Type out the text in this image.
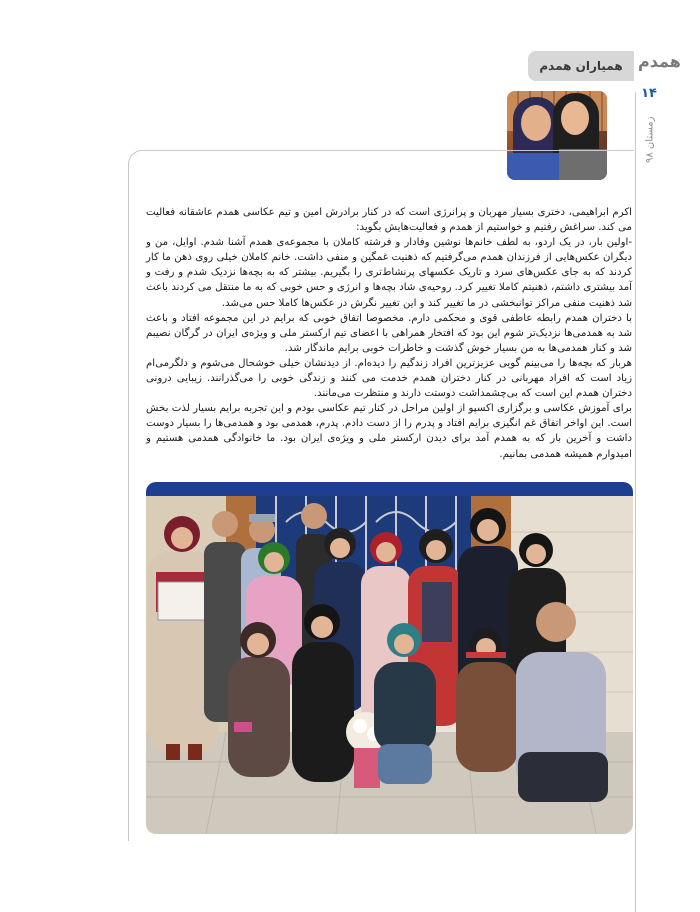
همدم
همیاران همدم
۱۴
زمستان ۹۸

اکرم ابراهیمی، دختری بسیار مهربان و پرانرژی است که در کنار برادرش امین و تیم عکاسی همدم عاشقانه فعالیت می کند. سراغش رفتیم و خواستیم از همدم و فعالیت‌هایش بگوید:

-اولین بار، در یک اردو، به لطف خانم‌ها نوشین وفادار و فرشته کاملان با مجموعه‌ی همدم آشنا شدم. اوایل، من و دیگران عکس‌هایی از فرزندان همدم می‌گرفتیم که ذهنیت غمگین و منفی داشت. خانم کاملان خیلی روی ذهن ما کار کردند که به جای عکس‌های سرد و تاریک عکسهای پرنشاط‌تری را بگیریم. بیشتر که به بچه‌ها نزدیک شدم و رفت و آمد بیشتری داشتم، ذهنیتم کاملا تغییر کرد. روحیه‌ی شاد بچه‌ها و انرژی و حس خوبی که به ما منتقل می کردند باعث شد ذهنیت منفی مراکز توانبخشی در ما تغییر کند و این تغییر نگرش در عکس‌ها کاملا حس می‌شد.

با دختران همدم رابطه عاطفی قوی و محکمی دارم. مخصوصا اتفاق خوبی که برایم در این مجموعه افتاد و باعث شد به همدمی‌ها نزدیک‌تر شوم این بود که افتخار همراهی با اعضای تیم ارکستر ملی و ویژه‌ی ایران در گرگان نصیبم شد و کنار همدمی‌ها به من بسیار خوش گذشت و خاطرات خوبی برایم ماندگار شد.

هربار که بچه‌ها را می‌بینم گویی عزیزترین افراد زندگیم را دیده‌ام. از دیدنشان خیلی خوشحال می‌شوم و دلگرمی‌ام زیاد است که افراد مهربانی در کنار دختران همدم خدمت می کنند و زندگی خوبی را می‌گذرانند. زیبایی درونی دختران همدم این است که بی‌چشمداشت دوستت دارند و منتظرت می‌مانند.

برای آموزش عکاسی و برگزاری اکسپو از اولین مراحل در کنار تیم عکاسی بودم و این تجربه برایم بسیار لذت بخش است. این اواخر اتفاق غم انگیزی برایم افتاد و پدرم را از دست دادم. پدرم، همدمی بود و همدمی‌ها را بسیار دوست داشت و آخرین بار که به همدم آمد برای دیدن ارکستر ملی و ویژه‌ی ایران بود. ما خانوادگی همدمی هستیم و امیدوارم همیشه همدمی بمانیم.
